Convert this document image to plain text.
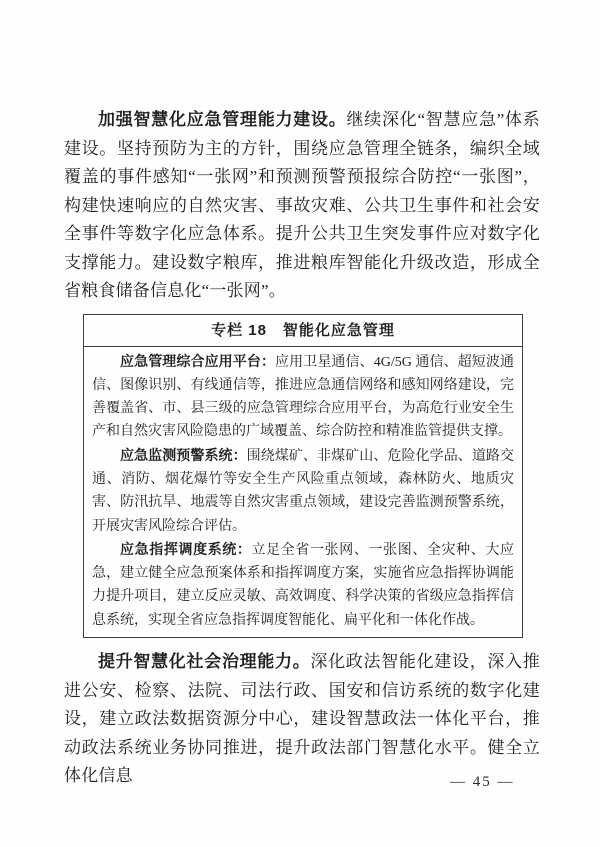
加强智慧化应急管理能力建设。继续深化“智慧应急”体系建设。坚持预防为主的方针，围绕应急管理全链条，编织全域覆盖的事件感知“一张网”和预测预警预报综合防控“一张图”，构建快速响应的自然灾害、事故灾难、公共卫生事件和社会安全事件等数字化应急体系。提升公共卫生突发事件应对数字化支撑能力。建设数字粮库，推进粮库智能化升级改造，形成全省粮食储备信息化“一张网”。

专栏 18　智能化应急管理

应急管理综合应用平台：应用卫星通信、4G/5G 通信、超短波通信、图像识别、有线通信等，推进应急通信网络和感知网络建设，完善覆盖省、市、县三级的应急管理综合应用平台，为高危行业安全生产和自然灾害风险隐患的广域覆盖、综合防控和精准监管提供支撑。

应急监测预警系统：围绕煤矿、非煤矿山、危险化学品、道路交通、消防、烟花爆竹等安全生产风险重点领域，森林防火、地质灾害、防汛抗旱、地震等自然灾害重点领域，建设完善监测预警系统，开展灾害风险综合评估。

应急指挥调度系统：立足全省一张网、一张图、全灾种、大应急，建立健全应急预案体系和指挥调度方案，实施省应急指挥协调能力提升项目，建立反应灵敏、高效调度、科学决策的省级应急指挥信息系统，实现全省应急指挥调度智能化、扁平化和一体化作战。

提升智慧化社会治理能力。深化政法智能化建设，深入推进公安、检察、法院、司法行政、国安和信访系统的数字化建设，建立政法数据资源分中心，建设智慧政法一体化平台，推动政法系统业务协同推进，提升政法部门智慧化水平。健全立体化信息	— 45 —
